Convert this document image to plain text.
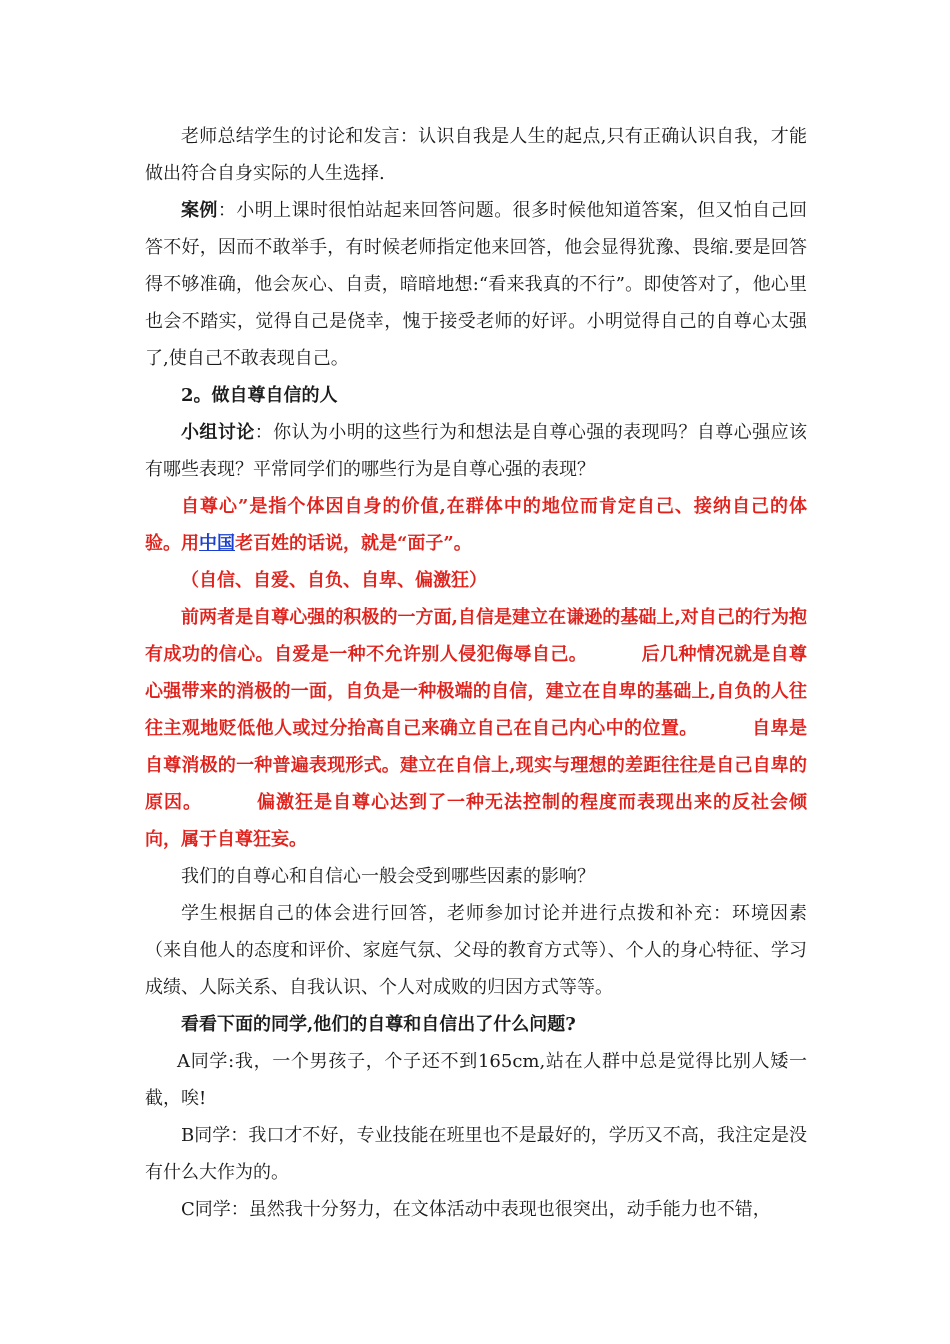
老师总结学生的讨论和发言：认识自我是人生的起点,只有正确认识自我，才能做出符合自身实际的人生选择.

案例：小明上课时很怕站起来回答问题。很多时候他知道答案，但又怕自己回答不好，因而不敢举手，有时候老师指定他来回答，他会显得犹豫、畏缩.要是回答得不够准确，他会灰心、自责，暗暗地想:“看来我真的不行”。即使答对了，他心里也会不踏实，觉得自己是侥幸，愧于接受老师的好评。小明觉得自己的自尊心太强了,使自己不敢表现自己。

2。做自尊自信的人

小组讨论：你认为小明的这些行为和想法是自尊心强的表现吗？自尊心强应该有哪些表现？平常同学们的哪些行为是自尊心强的表现？

自尊心”是指个体因自身的价值,在群体中的地位而肯定自己、接纳自己的体验。用中国老百姓的话说，就是“面子”。

（自信、自爱、自负、自卑、偏激狂）

前两者是自尊心强的积极的一方面,自信是建立在谦逊的基础上,对自己的行为抱有成功的信心。自爱是一种不允许别人侵犯侮辱自己。	后几种情况就是自尊心强带来的消极的一面，自负是一种极端的自信，建立在自卑的基础上,自负的人往往主观地贬低他人或过分抬高自己来确立自己在自己内心中的位置。	自卑是自尊消极的一种普遍表现形式。建立在自信上,现实与理想的差距往往是自己自卑的原因。	偏激狂是自尊心达到了一种无法控制的程度而表现出来的反社会倾向，属于自尊狂妄。

我们的自尊心和自信心一般会受到哪些因素的影响？

学生根据自己的体会进行回答，老师参加讨论并进行点拨和补充：环境因素（来自他人的态度和评价、家庭气氛、父母的教育方式等）、个人的身心特征、学习成绩、人际关系、自我认识、个人对成败的归因方式等等。

看看下面的同学,他们的自尊和自信出了什么问题?

A同学:我，一个男孩子，个子还不到165cm,站在人群中总是觉得比别人矮一截，唉!

B同学：我口才不好，专业技能在班里也不是最好的，学历又不高，我注定是没有什么大作为的。

C同学：虽然我十分努力，在文体活动中表现也很突出，动手能力也不错，
